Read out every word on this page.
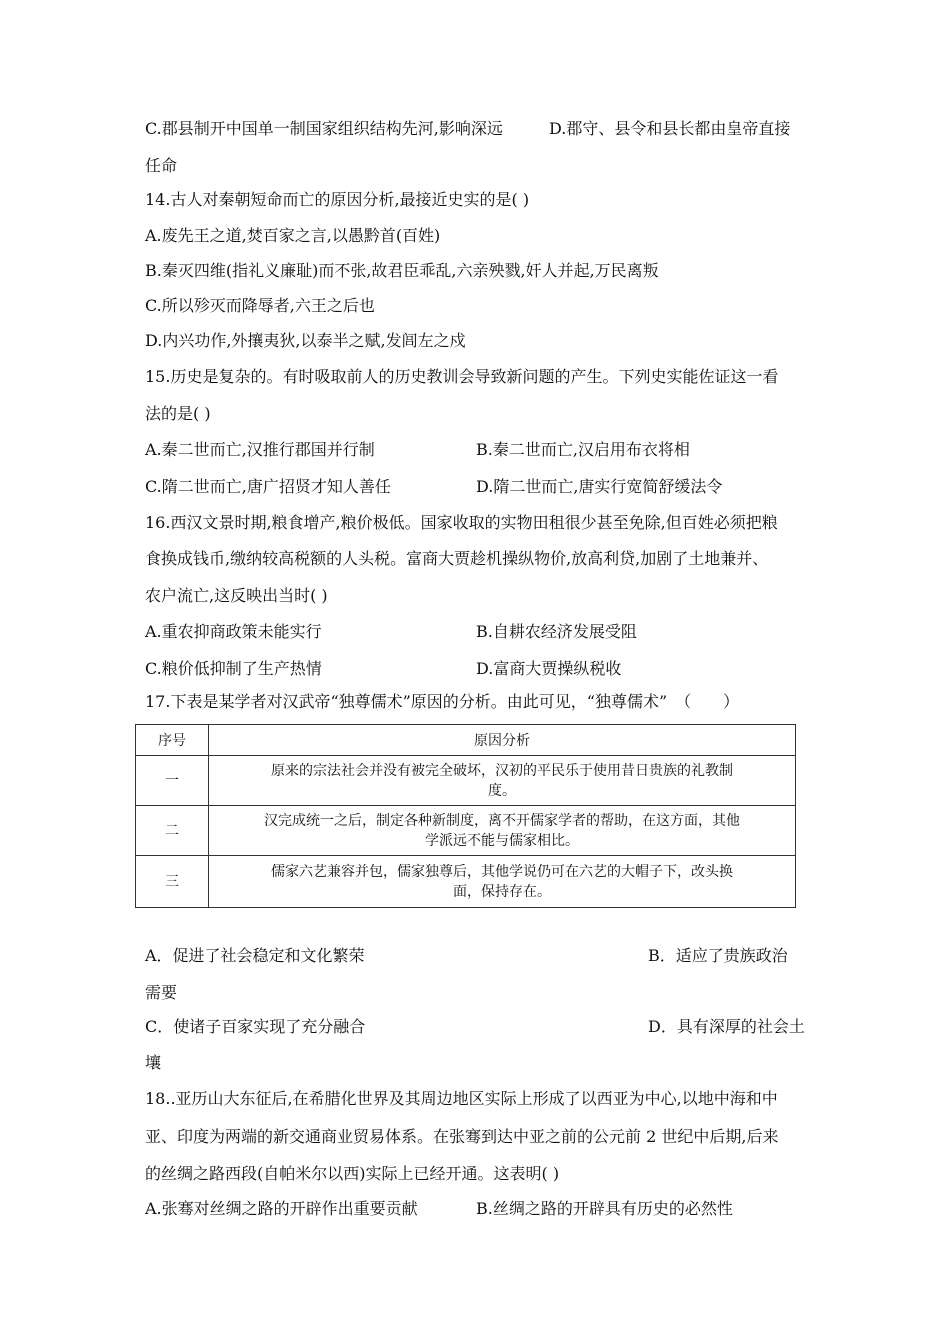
C.郡县制开中国单一制国家组织结构先河,影响深远	D.郡守、县令和县长都由皇帝直接
任命
14.古人对秦朝短命而亡的原因分析,最接近史实的是( )
A.废先王之道,焚百家之言,以愚黔首(百姓)
B.秦灭四维(指礼义廉耻)而不张,故君臣乖乱,六亲殃戮,奸人并起,万民离叛
C.所以殄灭而降辱者,六王之后也
D.内兴功作,外攘夷狄,以泰半之赋,发闾左之戍
15.历史是复杂的。有时吸取前人的历史教训会导致新问题的产生。下列史实能佐证这一看
法的是( )
A.秦二世而亡,汉推行郡国并行制	B.秦二世而亡,汉启用布衣将相
C.隋二世而亡,唐广招贤才知人善任	D.隋二世而亡,唐实行宽简舒缓法令
16.西汉文景时期,粮食增产,粮价极低。国家收取的实物田租很少甚至免除,但百姓必须把粮
食换成钱币,缴纳较高税额的人头税。富商大贾趁机操纵物价,放高利贷,加剧了土地兼并、
农户流亡,这反映出当时( )
A.重农抑商政策未能实行	B.自耕农经济发展受阻
C.粮价低抑制了生产热情	D.富商大贾操纵税收
17.下表是某学者对汉武帝“独尊儒术”原因的分析。由此可见，“独尊儒术”　（　　）
序号	原因分析
一	原来的宗法社会并没有被完全破坏，汉初的平民乐于使用昔日贵族的礼教制
度。

二	汉完成统一之后，制定各种新制度，离不开儒家学者的帮助，在这方面，其他
学派远不能与儒家相比。

三	儒家六艺兼容并包，儒家独尊后，其他学说仍可在六艺的大帽子下，改头换
面，保持存在。
A．促进了社会稳定和文化繁荣	B．适应了贵族政治
需要
C．使诸子百家实现了充分融合	D．具有深厚的社会土
壤
18..亚历山大东征后,在希腊化世界及其周边地区实际上形成了以西亚为中心,以地中海和中
亚、印度为两端的新交通商业贸易体系。在张骞到达中亚之前的公元前 2 世纪中后期,后来
的丝绸之路西段(自帕米尔以西)实际上已经开通。这表明( )
A.张骞对丝绸之路的开辟作出重要贡献	B.丝绸之路的开辟具有历史的必然性
